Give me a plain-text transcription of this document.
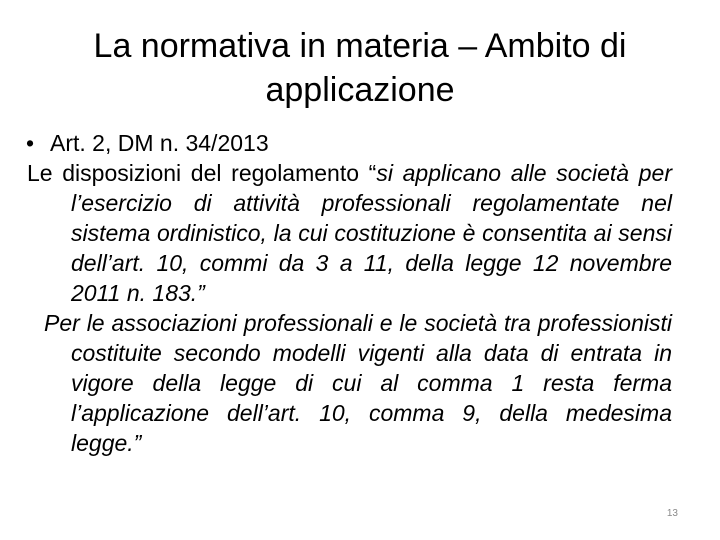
La normativa in materia – Ambito di applicazione
• Art. 2, DM n. 34/2013

Le disposizioni del regolamento “si applicano alle società per l’esercizio di attività professionali regolamentate nel sistema ordinistico, la cui costituzione è consentita ai sensi dell’art. 10, commi da 3 a 11, della legge 12 novembre 2011 n. 183.”

Per le associazioni professionali e le società tra professionisti costituite secondo modelli vigenti alla data di entrata in vigore della legge di cui al comma 1 resta ferma l’applicazione dell’art. 10, comma 9, della medesima legge.”

13
